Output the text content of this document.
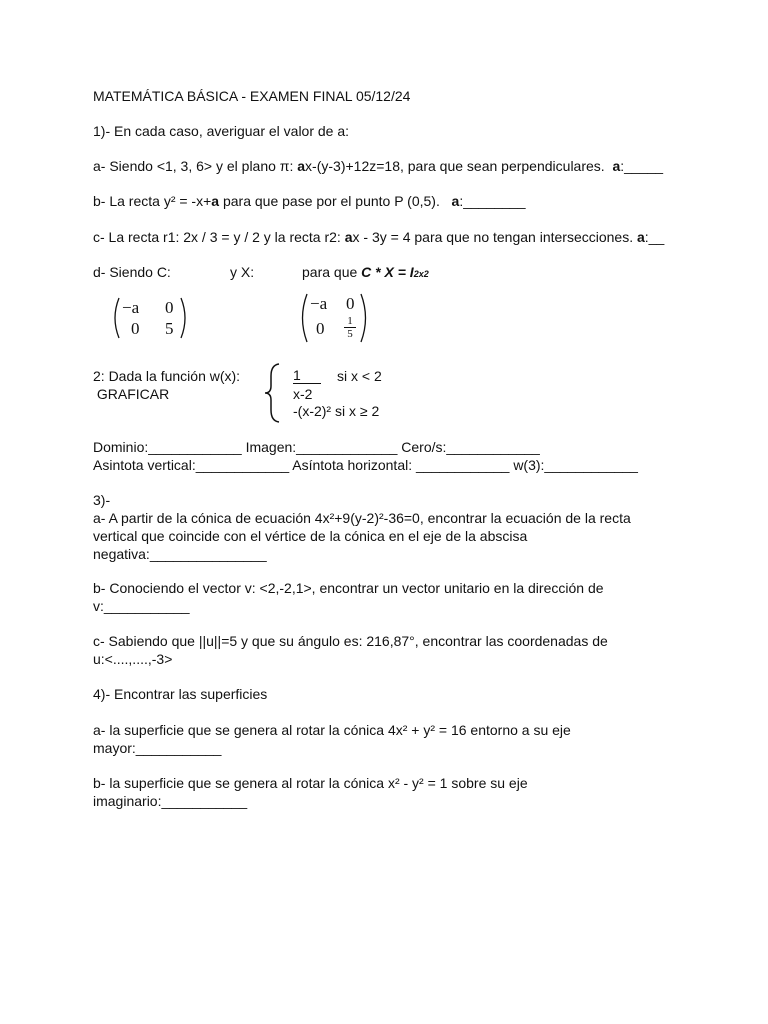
MATEMÁTICA BÁSICA - EXAMEN FINAL 05/12/24
1)- En cada caso, averiguar el valor de a:
a- Siendo <1, 3, 6> y el plano π: ax-(y-3)+12z=18, para que sean perpendiculares.  a:_____
b- La recta y² = -x+a para que pase por el punto P (0,5).   a:________
c- La recta r1: 2x / 3 = y / 2 y la recta r2: ax - 3y = 4 para que no tengan intersecciones. a:__
d- Siendo C:	y X:	para que C * X = I2x2
−a 0
0 5
−a 0
$0 \frac{1}{5}$
2: Dada la función w(x):
GRAFICAR
1	si x < 2
x-2
-(x-2)² si x ≥ 2
Dominio:____________ Imagen:_____________ Cero/s:____________
Asintota vertical:____________ Asíntota horizontal: ____________ w(3):____________
3)-
a- A partir de la cónica de ecuación 4x²+9(y-2)²-36=0, encontrar la ecuación de la recta
vertical que coincide con el vértice de la cónica en el eje de la abscisa
negativa:_______________
b- Conociendo el vector v: <2,-2,1>, encontrar un vector unitario en la dirección de
v:___________
c- Sabiendo que ||u||=5 y que su ángulo es: 216,87°, encontrar las coordenadas de
u:<....,....,-3>
4)- Encontrar las superficies
a- la superficie que se genera al rotar la cónica 4x² + y² = 16 entorno a su eje
mayor:___________
b- la superficie que se genera al rotar la cónica x² - y² = 1 sobre su eje
imaginario:___________
